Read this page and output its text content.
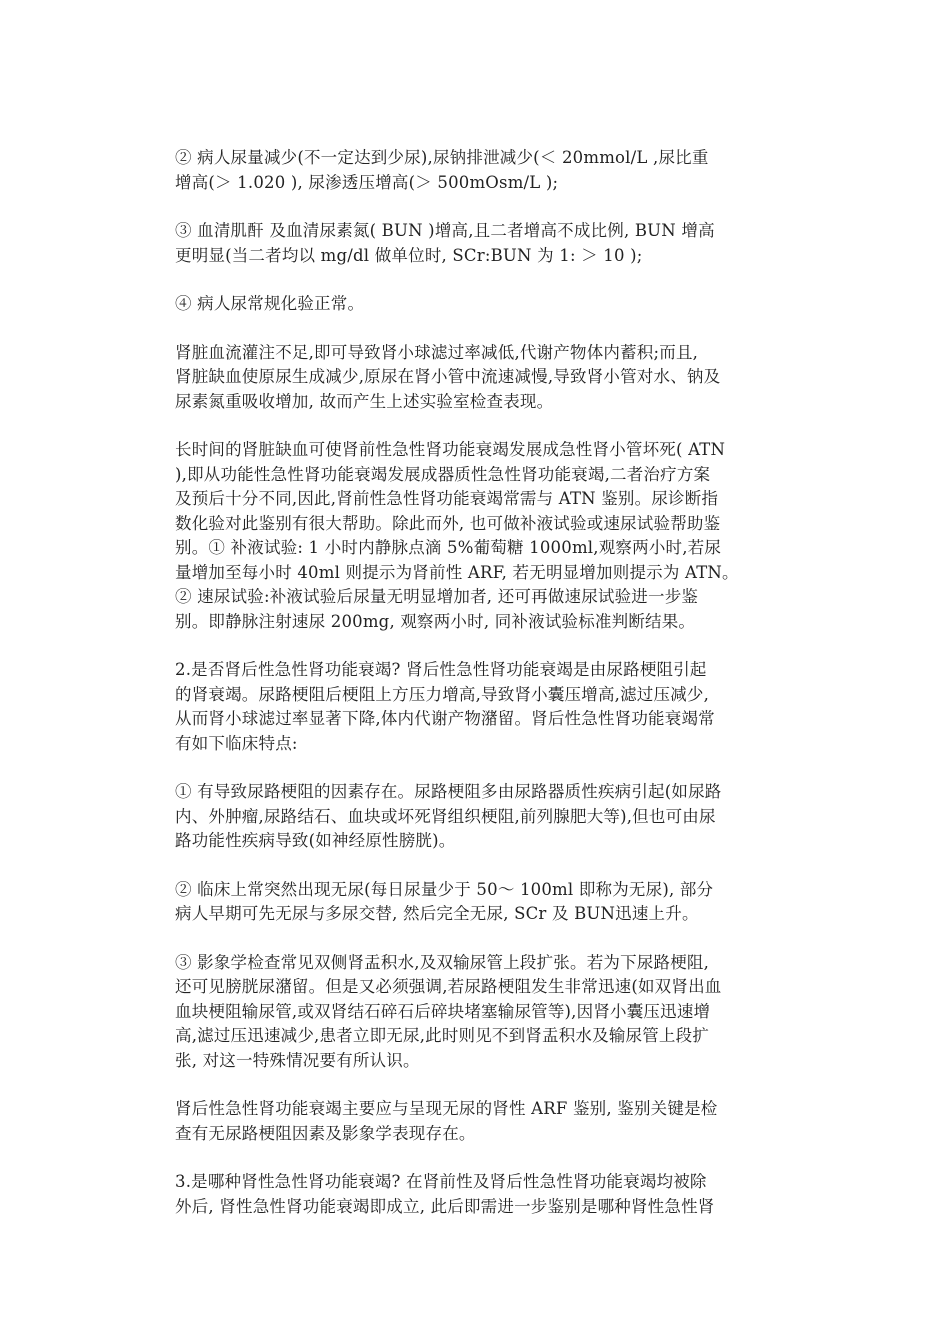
② 病人尿量减少(不一定达到少尿),尿钠排泄减少(＜ 20mmol/L ,尿比重
增高(＞ 1.020 ), 尿渗透压增高(＞ 500mOsm/L );

③ 血清肌酐 及血清尿素氮( BUN )增高,且二者增高不成比例, BUN 增高
更明显(当二者均以 mg/dl 做单位时, SCr:BUN 为 1: ＞ 10 );

④ 病人尿常规化验正常。

肾脏血流灌注不足,即可导致肾小球滤过率减低,代谢产物体内蓄积;而且,
肾脏缺血使原尿生成减少,原尿在肾小管中流速减慢,导致肾小管对水、钠及
尿素氮重吸收增加, 故而产生上述实验室检查表现。

长时间的肾脏缺血可使肾前性急性肾功能衰竭发展成急性肾小管坏死( ATN
),即从功能性急性肾功能衰竭发展成器质性急性肾功能衰竭,二者治疗方案
及预后十分不同,因此,肾前性急性肾功能衰竭常需与 ATN 鉴别。尿诊断指
数化验对此鉴别有很大帮助。除此而外, 也可做补液试验或速尿试验帮助鉴
别。① 补液试验: 1 小时内静脉点滴 5%葡萄糖 1000ml,观察两小时,若尿
量增加至每小时 40ml 则提示为肾前性 ARF, 若无明显增加则提示为 ATN。
② 速尿试验:补液试验后尿量无明显增加者, 还可再做速尿试验进一步鉴
别。即静脉注射速尿 200mg, 观察两小时, 同补液试验标准判断结果。

2.是否肾后性急性肾功能衰竭? 肾后性急性肾功能衰竭是由尿路梗阻引起
的肾衰竭。尿路梗阻后梗阻上方压力增高,导致肾小囊压增高,滤过压减少,
从而肾小球滤过率显著下降,体内代谢产物潴留。肾后性急性肾功能衰竭常
有如下临床特点:

① 有导致尿路梗阻的因素存在。尿路梗阻多由尿路器质性疾病引起(如尿路
内、外肿瘤,尿路结石、血块或坏死肾组织梗阻,前列腺肥大等),但也可由尿
路功能性疾病导致(如神经原性膀胱)。

② 临床上常突然出现无尿(每日尿量少于 50～ 100ml 即称为无尿), 部分
病人早期可先无尿与多尿交替, 然后完全无尿, SCr 及 BUN迅速上升。

③ 影象学检查常见双侧肾盂积水,及双输尿管上段扩张。若为下尿路梗阻,
还可见膀胱尿潴留。但是又必须强调,若尿路梗阻发生非常迅速(如双肾出血
血块梗阻输尿管,或双肾结石碎石后碎块堵塞输尿管等),因肾小囊压迅速增
高,滤过压迅速减少,患者立即无尿,此时则见不到肾盂积水及输尿管上段扩
张, 对这一特殊情况要有所认识。

肾后性急性肾功能衰竭主要应与呈现无尿的肾性 ARF 鉴别, 鉴别关键是检
查有无尿路梗阻因素及影象学表现存在。

3.是哪种肾性急性肾功能衰竭? 在肾前性及肾后性急性肾功能衰竭均被除
外后, 肾性急性肾功能衰竭即成立, 此后即需进一步鉴别是哪种肾性急性肾
